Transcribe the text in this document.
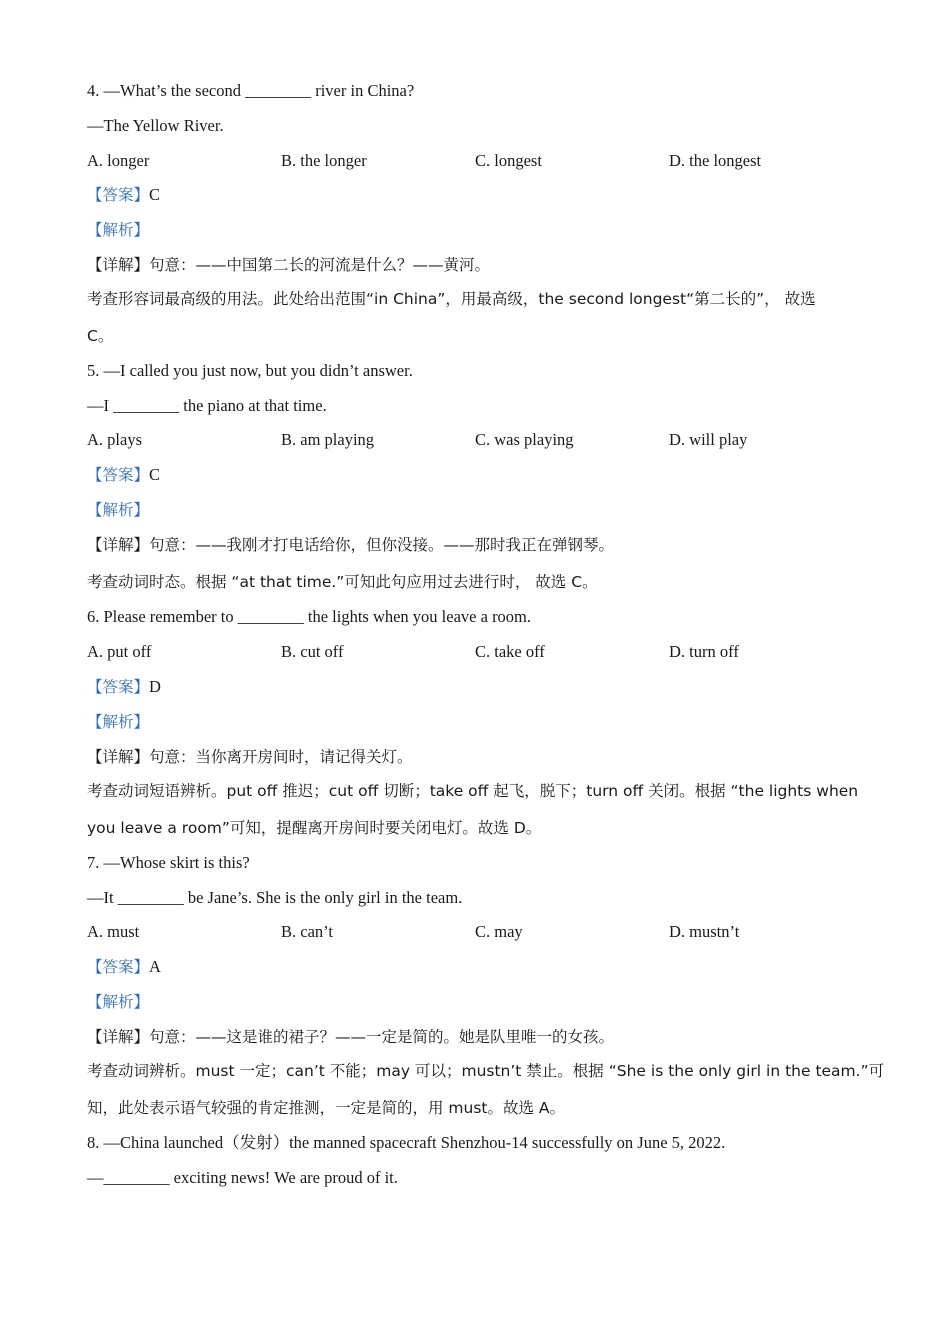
4. —What’s the second ________ river in China?
—The Yellow River.
A. longer	B. the longer	C. longest	D. the longest
【答案】C
【解析】
【详解】句意：——中国第二长的河流是什么？——黄河。
考查形容词最高级的用法。此处给出范围“in China”，用最高级，the second longest“第二长的”， 故选
C。
5. —I called you just now, but you didn’t answer.
—I ________ the piano at that time.
A. plays	B. am playing	C. was playing	D. will play
【答案】C
【解析】
【详解】句意：——我刚才打电话给你，但你没接。——那时我正在弹钢琴。
考查动词时态。根据 “at that time.”可知此句应用过去进行时， 故选 C。
6. Please remember to ________ the lights when you leave a room.
A. put off	B. cut off	C. take off	D. turn off
【答案】D
【解析】
【详解】句意：当你离开房间时，请记得关灯。
考查动词短语辨析。put off 推迟；cut off 切断；take off 起飞，脱下；turn off 关闭。根据 “the lights when
you leave a room”可知，提醒离开房间时要关闭电灯。故选 D。
7. —Whose skirt is this?
—It ________ be Jane’s. She is the only girl in the team.
A. must	B. can’t	C. may	D. mustn’t
【答案】A
【解析】
【详解】句意：——这是谁的裙子？——一定是简的。她是队里唯一的女孩。
考查动词辨析。must 一定；can’t 不能；may 可以；mustn’t 禁止。根据 “She is the only girl in the team.”可
知，此处表示语气较强的肯定推测，一定是简的，用 must。故选 A。
8. —China launched（发射）the manned spacecraft Shenzhou-14 successfully on June 5, 2022.
—________ exciting news! We are proud of it.
